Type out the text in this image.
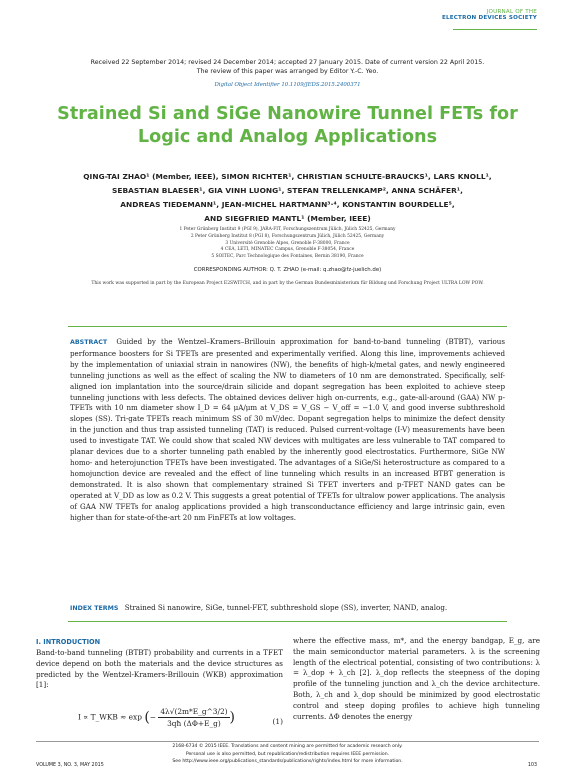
JOURNAL OF THE
ELECTRON DEVICES SOCIETY
Received 22 September 2014; revised 24 December 2014; accepted 27 January 2015. Date of current version 22 April 2015.
The review of this paper was arranged by Editor Y.-C. Yeo.
Digital Object Identifier 10.1109/JEDS.2015.2400371
Strained Si and SiGe Nanowire Tunnel FETs for
Logic and Analog Applications
QING-TAI ZHAO¹ (Member, IEEE), SIMON RICHTER¹, CHRISTIAN SCHULTE-BRAUCKS¹, LARS KNOLL¹,
SEBASTIAN BLAESER¹, GIA VINH LUONG¹, STEFAN TRELLENKAMP², ANNA SCHÄFER¹,
ANDREAS TIEDEMANN¹, JEAN-MICHEL HARTMANN³·⁴, KONSTANTIN BOURDELLE⁵,
AND SIEGFRIED MANTL¹ (Member, IEEE)
1 Peter Grünberg Institut 9 (PGI 9), JARA-FIT, Forschungszentrum Jülich, Jülich 52425, Germany
2 Peter Grünberg Institut 8 (PGI 8), Forschungszentrum Jülich, Jülich 52425, Germany
3 Université Grenoble Alpes, Grenoble F-38000, France
4 CEA, LETI, MINATEC Campus, Grenoble F-38054, France
5 SOITEC, Parc Technologique des Fontaines, Bernin 38190, France
CORRESPONDING AUTHOR: Q. T. ZHAO (e-mail: q.zhao@fz-juelich.de)
This work was supported in part by the European Project E2SWITCH, and in part by the German Bundesministerium für Bildung und Forschung Project ULTRA LOW POW.
ABSTRACT Guided by the Wentzel–Kramers–Brillouin approximation for band-to-band tunneling (BTBT), various performance boosters for Si TFETs are presented and experimentally verified. Along this line, improvements achieved by the implementation of uniaxial strain in nanowires (NW), the benefits of high-k/metal gates, and newly engineered tunneling junctions as well as the effect of scaling the NW to diameters of 10 nm are demonstrated. Specifically, self-aligned ion implantation into the source/drain silicide and dopant segregation has been exploited to achieve steep tunneling junctions with less defects. The obtained devices deliver high on-currents, e.g., gate-all-around (GAA) NW p-TFETs with 10 nm diameter show I_D = 64 μA/μm at V_DS = V_GS − V_off = −1.0 V, and good inverse subthreshold slopes (SS). Tri-gate TFETs reach minimum SS of 30 mV/dec. Dopant segregation helps to minimize the defect density in the junction and thus trap assisted tunneling (TAT) is reduced. Pulsed current-voltage (I-V) measurements have been used to investigate TAT. We could show that scaled NW devices with multigates are less vulnerable to TAT compared to planar devices due to a shorter tunneling path enabled by the inherently good electrostatics. Furthermore, SiGe NW homo- and heterojunction TFETs have been investigated. The advantages of a SiGe/Si heterostructure as compared to a homojunction device are revealed and the effect of line tunneling which results in an increased BTBT generation is demonstrated. It is also shown that complementary strained Si TFET inverters and p-TFET NAND gates can be operated at V_DD as low as 0.2 V. This suggests a great potential of TFETs for ultralow power applications. The analysis of GAA NW TFETs for analog applications provided a high transconductance efficiency and large intrinsic gain, even higher than for state-of-the-art 20 nm FinFETs at low voltages.
INDEX TERMS Strained Si nanowire, SiGe, tunnel-FET, subthreshold slope (SS), inverter, NAND, analog.
I. INTRODUCTION
Band-to-band tunneling (BTBT) probability and currents in a TFET device depend on both the materials and the device structures as predicted by the Wentzel-Kramers-Brillouin (WKB) approximation [1]:
I ∝ T_WKB ≈ exp (− $\frac{4\lambda√(2m*E\_g\^{}3/2)}{3qħ (\Delta\Phi+E\_g)}$ )	(1)
where the effective mass, m*, and the energy bandgap, E_g, are the main semiconductor material parameters. λ is the screening length of the electrical potential, consisting of two contributions: λ = λ_dop + λ_ch [2]. λ_dop reflects the steepness of the doping profile of the tunneling junction and λ_ch the device architecture. Both, λ_ch and λ_dop should be minimized by good electrostatic control and steep doping profiles to achieve high tunneling currents. ΔΦ denotes the energy
2168-6734 © 2015 IEEE. Translations and content mining are permitted for academic research only.
Personal use is also permitted, but republication/redistribution requires IEEE permission.
See http://www.ieee.org/publications_standards/publications/rights/index.html for more information.
VOLUME 3, NO. 3, MAY 2015	103
